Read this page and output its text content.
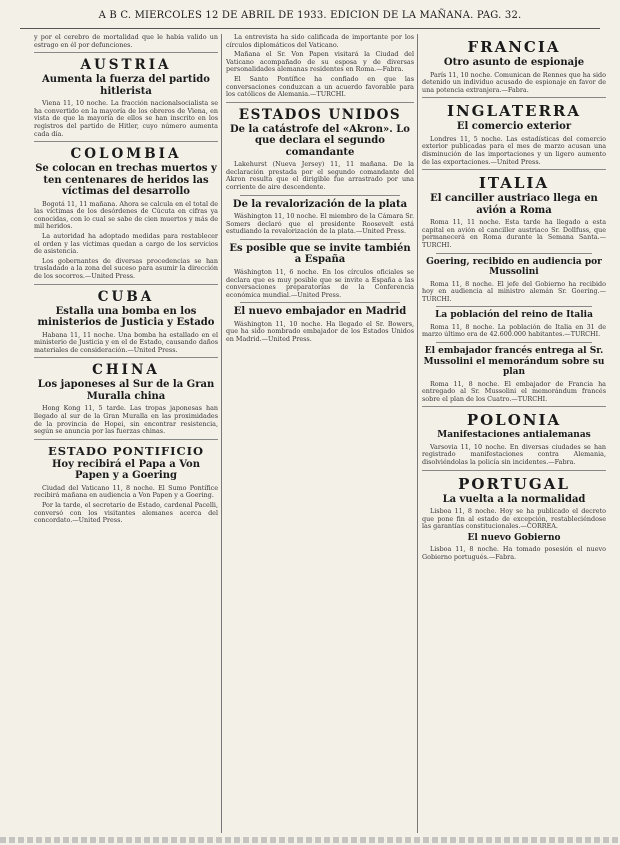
A B C. MIERCOLES 12 DE ABRIL DE 1933. EDICION DE LA MAÑANA. PAG. 32.

y por el cerebro de mortalidad que le había valido un estrago en él por defunciones.

AUSTRIA
Aumenta la fuerza del partido hitlerista

Viena 11, 10 noche. La fracción nacionalsocialista se ha convertido en la mayoría de los obreros de Viena, en vista de que la mayoría de ellos se han inscrito en los registros del partido de Hitler, cuyo número aumenta cada día.

COLOMBIA
Se colocan en trechas muertos y ten centenares de heridos las víctimas del desarrollo

Bogotá 11, 11 mañana. Ahora se calcula en el total de las víctimas de los desórdenes de Cúcuta en cifras ya conocidas, con lo cual se sabe de cien muertos y más de mil heridos.

La autoridad ha adoptado medidas para restablecer el orden y las víctimas quedan a cargo de los servicios de asistencia.

Los gobernantes de diversas procedencias se han trasladado a la zona del suceso para asumir la dirección de los socorros.—United Press.

CUBA
Estalla una bomba en los ministerios de Justicia y Estado

Habana 11, 11 noche. Una bomba ha estallado en el ministerio de Justicia y en el de Estado, causando daños materiales de consideración.—United Press.

CHINA
Los japoneses al Sur de la Gran Muralla china

Hong Kong 11, 5 tarde. Las tropas japonesas han llegado al sur de la Gran Muralla en las proximidades de la provincia de Hopei, sin encontrar resistencia, según se anuncia por las fuerzas chinas.

ESTADO PONTIFICIO
Hoy recibirá el Papa a Von Papen y a Goering

Ciudad del Vaticano 11, 8 noche. El Sumo Pontífice recibirá mañana en audiencia a Von Papen y a Goering.

Por la tarde, el secretario de Estado, cardenal Pacelli, conversó con los visitantes alemanes acerca del concordato.—United Press.

La entrevista ha sido calificada de importante por los círculos diplomáticos del Vaticano.

Mañana el Sr. Von Papen visitará la Ciudad del Vaticano acompañado de su esposa y de diversas personalidades alemanas residentes en Roma.—Fabra.

El Santo Pontífice ha confiado en que las conversaciones conduzcan a un acuerdo favorable para los católicos de Alemania.—TURCHI.

ESTADOS UNIDOS
De la catástrofe del «Akron». Lo que declara el segundo comandante

Lakehurst (Nueva Jersey) 11, 11 mañana. De la declaración prestada por el segundo comandante del Akron resulta que el dirigible fue arrastrado por una corriente de aire descendente.

De la revalorización de la plata

Wáshington 11, 10 noche. El miembro de la Cámara Sr. Somers declaró que el presidente Roosevelt está estudiando la revalorización de la plata.—United Press.

Es posible que se invite también a España

Wáshington 11, 6 noche. En los círculos oficiales se declara que es muy posible que se invite a España a las conversaciones preparatorias de la Conferencia económica mundial.—United Press.

El nuevo embajador en Madrid

Wáshington 11, 10 noche. Ha llegado el Sr. Bowers, que ha sido nombrado embajador de los Estados Unidos en Madrid.—United Press.

FRANCIA
Otro asunto de espionaje

París 11, 10 noche. Comunican de Rennes que ha sido detenido un individuo acusado de espionaje en favor de una potencia extranjera.—Fabra.

INGLATERRA
El comercio exterior

Londres 11, 5 noche. Las estadísticas del comercio exterior publicadas para el mes de marzo acusan una disminución de las importaciones y un ligero aumento de las exportaciones.—United Press.

ITALIA
El canciller austriaco llega en avión a Roma

Roma 11, 11 noche. Esta tarde ha llegado a esta capital en avión el canciller austriaco Sr. Dollfuss, que permanecerá en Roma durante la Semana Santa.—TURCHI.

Goering, recibido en audiencia por Mussolini

Roma 11, 8 noche. El jefe del Gobierno ha recibido hoy en audiencia al ministro alemán Sr. Goering.—TURCHI.

La población del reino de Italia

Roma 11, 8 noche. La población de Italia en 31 de marzo último era de 42.600.000 habitantes.—TURCHI.

El embajador francés entrega al Sr. Mussolini el memorándum sobre su plan

Roma 11, 8 noche. El embajador de Francia ha entregado al Sr. Mussolini el memorándum francés sobre el plan de los Cuatro.—TURCHI.

POLONIA
Manifestaciones antialemanas

Varsovia 11, 10 noche. En diversas ciudades se han registrado manifestaciones contra Alemania, disolviéndolas la policía sin incidentes.—Fabra.

PORTUGAL
La vuelta a la normalidad

Lisboa 11, 8 noche. Hoy se ha publicado el decreto que pone fin al estado de excepción, restableciéndose las garantías constitucionales.—CORREA.

El nuevo Gobierno

Lisboa 11, 8 noche. Ha tomado posesión el nuevo Gobierno portugués.—Fabra.
